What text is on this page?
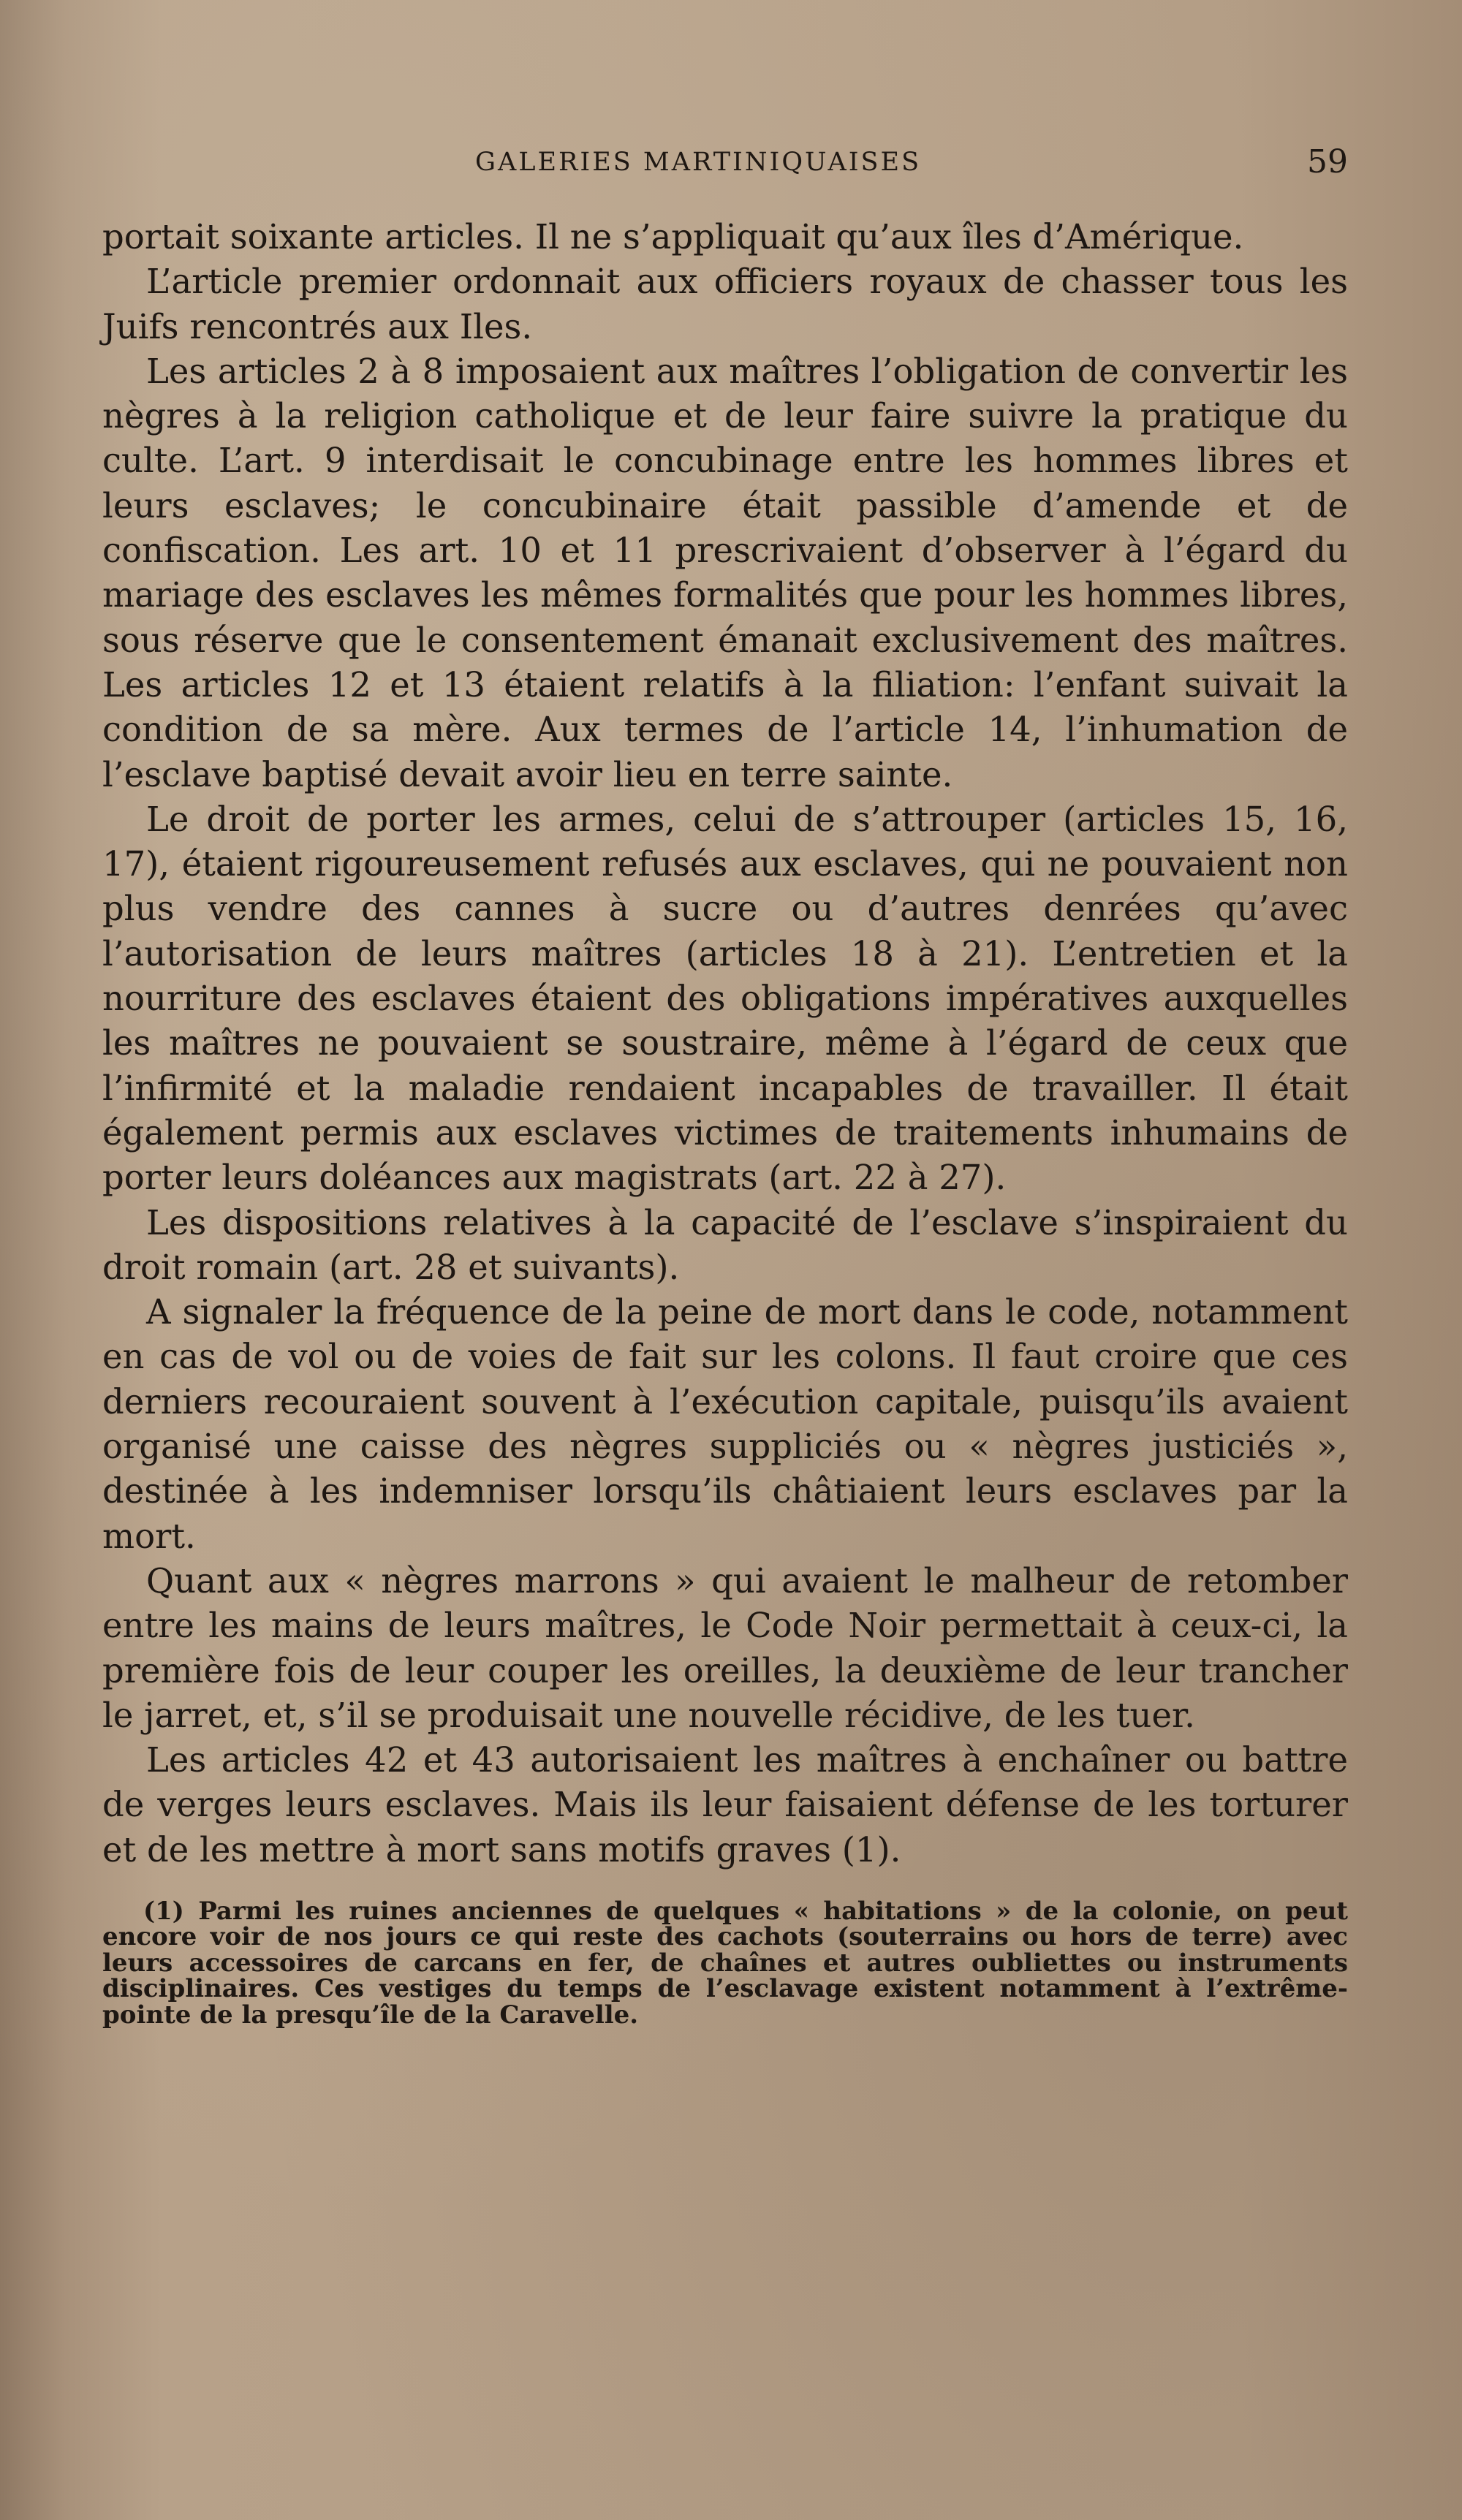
GALERIES MARTINIQUAISES	59

portait soixante articles. Il ne s’appliquait qu’aux îles d’Amérique.

L’article premier ordonnait aux officiers royaux de chasser tous les Juifs rencontrés aux Iles.

Les articles 2 à 8 imposaient aux maîtres l’obligation de convertir les nègres à la religion catholique et de leur faire suivre la pratique du culte. L’art. 9 interdisait le concubinage entre les hommes libres et leurs esclaves; le concubinaire était passible d’amende et de confiscation. Les art. 10 et 11 prescrivaient d’observer à l’égard du mariage des esclaves les mêmes formalités que pour les hommes libres, sous réserve que le consentement émanait exclusivement des maîtres. Les articles 12 et 13 étaient relatifs à la filiation: l’enfant suivait la condition de sa mère. Aux termes de l’article 14, l’inhumation de l’esclave baptisé devait avoir lieu en terre sainte.

Le droit de porter les armes, celui de s’attrouper (articles 15, 16, 17), étaient rigoureusement refusés aux esclaves, qui ne pouvaient non plus vendre des cannes à sucre ou d’autres denrées qu’avec l’autorisation de leurs maîtres (articles 18 à 21). L’entretien et la nourriture des esclaves étaient des obligations impératives auxquelles les maîtres ne pouvaient se soustraire, même à l’égard de ceux que l’infirmité et la maladie rendaient incapables de travailler. Il était également permis aux esclaves victimes de traitements inhumains de porter leurs doléances aux magistrats (art. 22 à 27).

Les dispositions relatives à la capacité de l’esclave s’inspiraient du droit romain (art. 28 et suivants).

A signaler la fréquence de la peine de mort dans le code, notamment en cas de vol ou de voies de fait sur les colons. Il faut croire que ces derniers recouraient souvent à l’exécution capitale, puisqu’ils avaient organisé une caisse des nègres suppliciés ou « nègres justiciés », destinée à les indemniser lorsqu’ils châtiaient leurs esclaves par la mort.

Quant aux « nègres marrons » qui avaient le malheur de retomber entre les mains de leurs maîtres, le Code Noir permettait à ceux-ci, la première fois de leur couper les oreilles, la deuxième de leur trancher le jarret, et, s’il se produisait une nouvelle récidive, de les tuer.

Les articles 42 et 43 autorisaient les maîtres à enchaîner ou battre de verges leurs esclaves. Mais ils leur faisaient défense de les torturer et de les mettre à mort sans motifs graves (1).

(1) Parmi les ruines anciennes de quelques « habitations » de la colonie, on peut encore voir de nos jours ce qui reste des cachots (souterrains ou hors de terre) avec leurs accessoires de carcans en fer, de chaînes et autres oubliettes ou instruments disciplinaires. Ces vestiges du temps de l’esclavage existent notamment à l’extrême-pointe de la presqu’île de la Caravelle.
